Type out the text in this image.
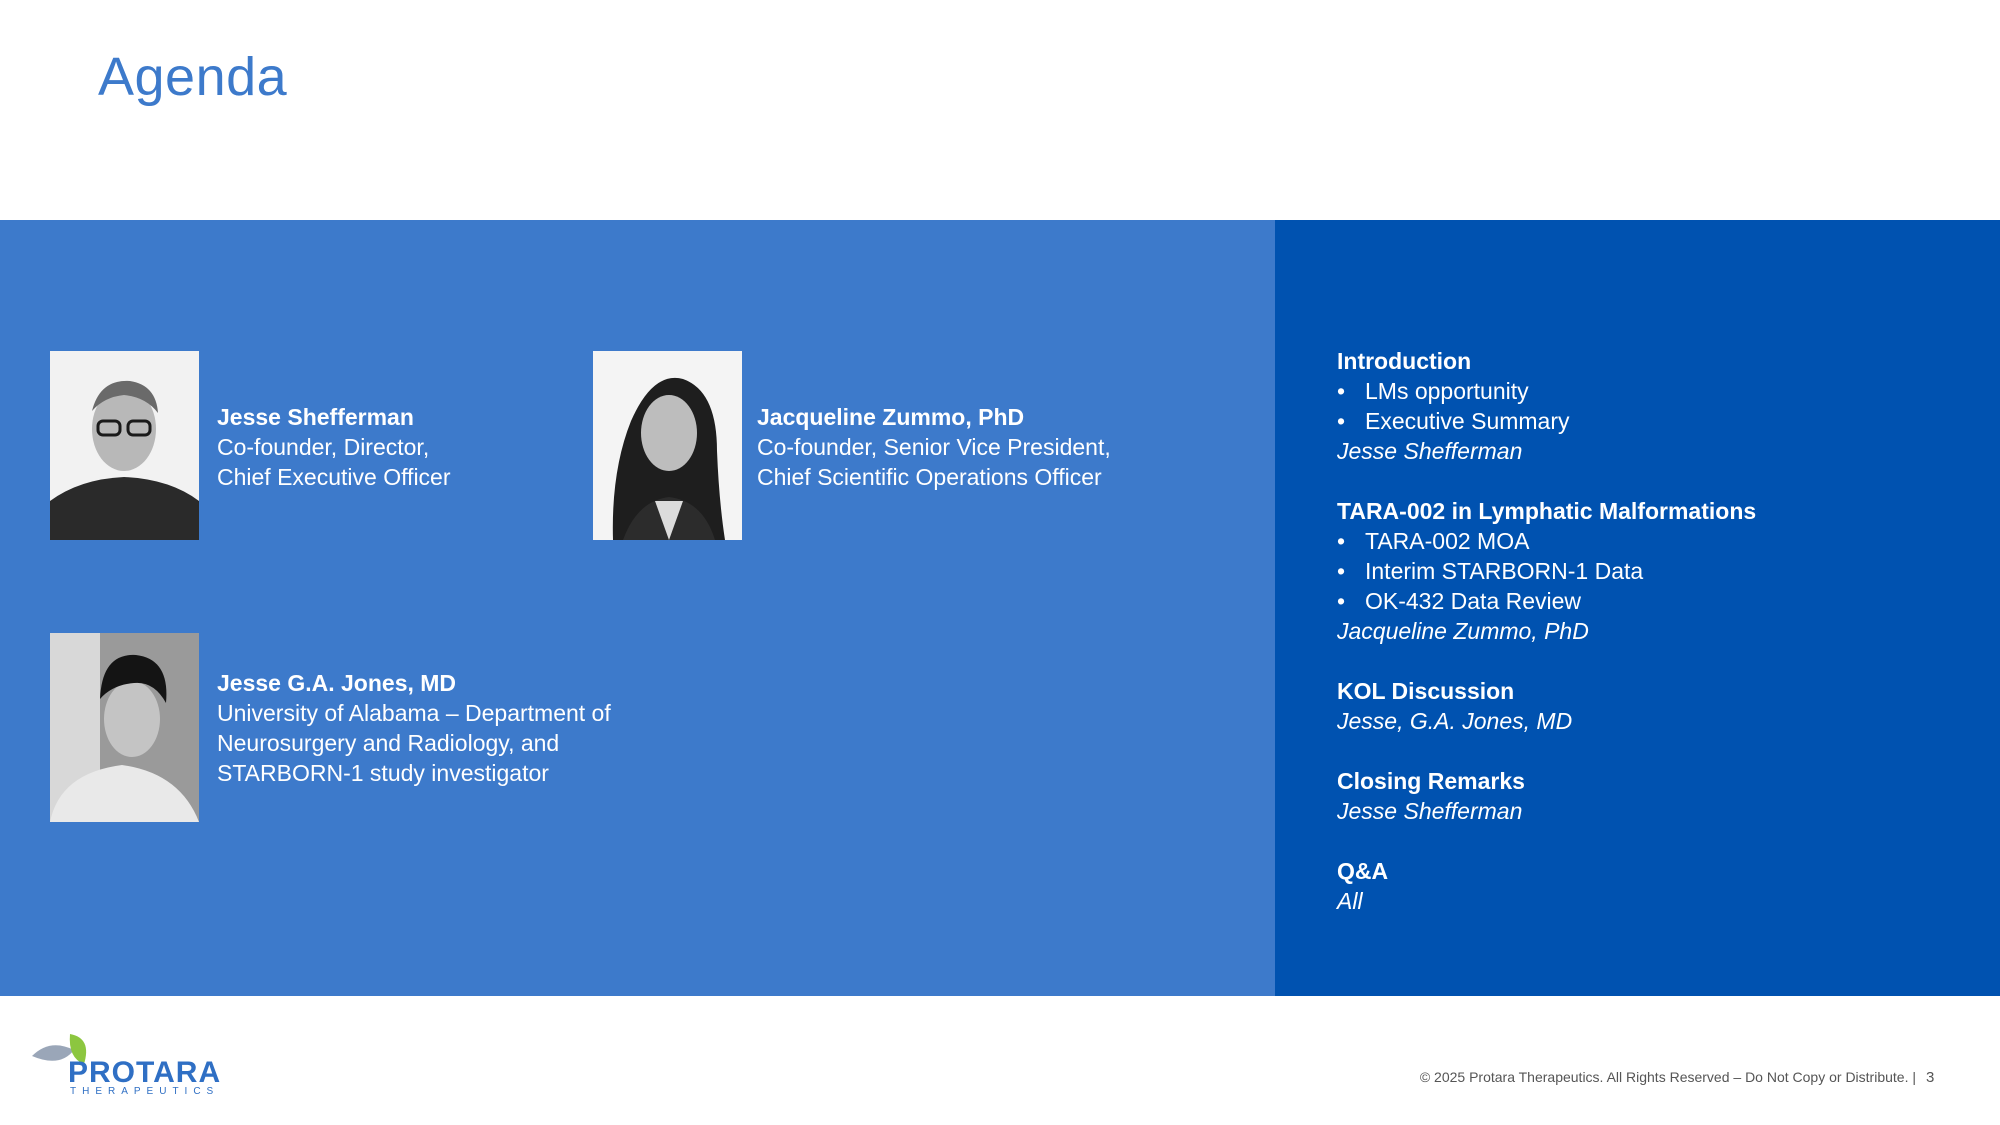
Agenda
Jesse Shefferman
Co-founder, Director,
Chief Executive Officer
Jacqueline Zummo, PhD
Co-founder, Senior Vice President,
Chief Scientific Operations Officer
Jesse G.A. Jones, MD
University of Alabama – Department of
Neurosurgery and Radiology, and
STARBORN-1 study investigator
Introduction
• LMs opportunity
• Executive Summary
Jesse Shefferman
TARA-002 in Lymphatic Malformations
• TARA-002 MOA
• Interim STARBORN-1 Data
• OK-432 Data Review
Jacqueline Zummo, PhD
KOL Discussion
Jesse, G.A. Jones, MD
Closing Remarks
Jesse Shefferman
Q&A
All
PROTARA
THERAPEUTICS
© 2025 Protara Therapeutics. All Rights Reserved – Do Not Copy or Distribute. | 3
